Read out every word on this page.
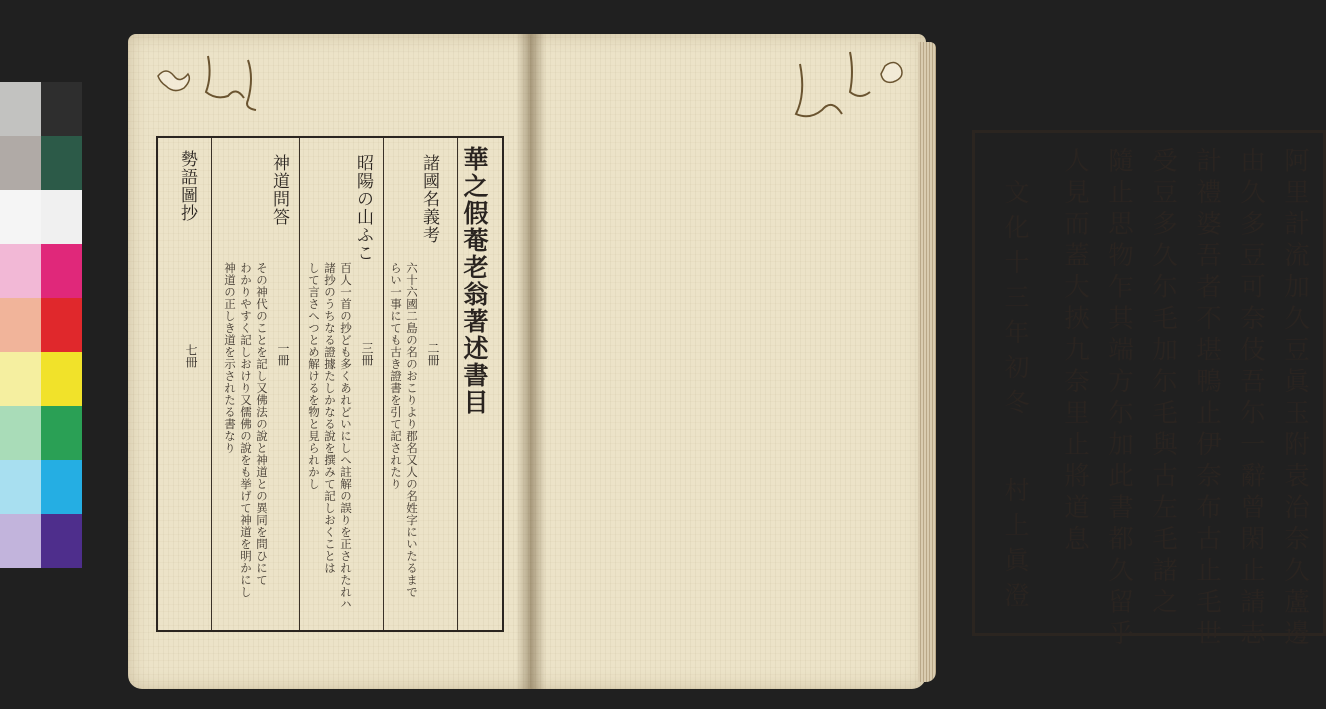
華之假菴老翁著述書目
諸國名義考
二冊
六十六國二島の名のおこりより郡名又人の名姓字にいたるまで
らい一事にても古き證書を引て記されたり
昭陽の山ふこ
三冊
百人一首の抄ども多くあれどいにしへ註解の誤りを正されたれハ
諸抄のうちなる證據たしかなる說を撰みて記しおくことは
して言さへつとめ解けるを物と見られかし
神道問答
一冊
その神代のことを記し又佛法の說と神道との異同を問ひにて
わかりやすく記しおけり又儒佛の說をも挙げて神道を明かにし
神道の正しき道を示されたる書なり
勢語圖抄
七冊	阿里計流加久豆眞玉附袁治奈久蘆邊
由久多豆可奈伎吾尓一辭曾閑止請志
計禮婆吾者不堪鴨止伊奈布古止毛世
受豆多久尓毛加尓毛與古左毛諸之
隨止思物乍其端方尓加此書都久留乎
人見而蓋大挾九奈里止將道息
文化十三年初冬
村上眞澄
